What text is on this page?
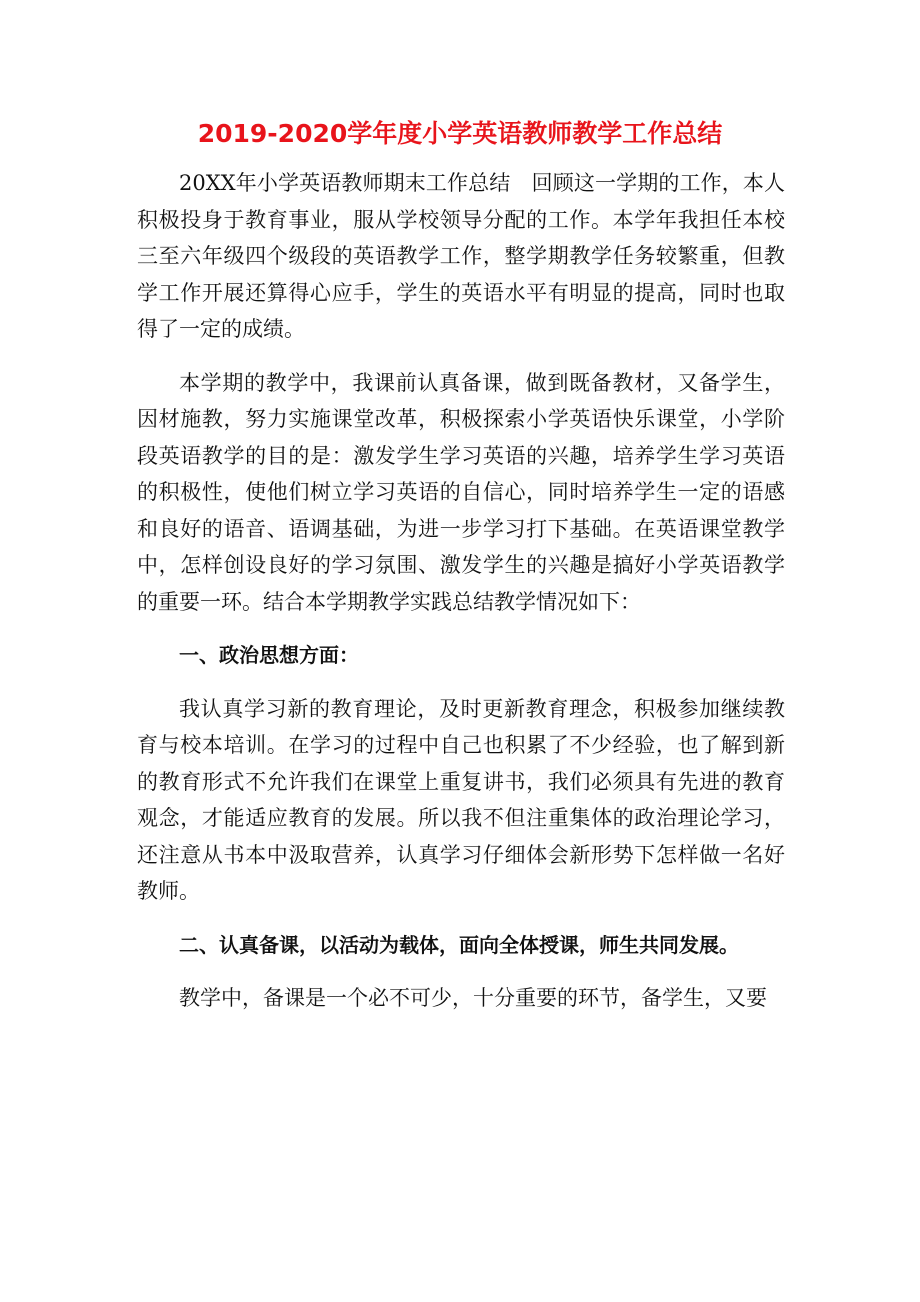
2019-2020学年度小学英语教师教学工作总结

20XX年小学英语教师期末工作总结　回顾这一学期的工作，本人积极投身于教育事业，服从学校领导分配的工作。本学年我担任本校三至六年级四个级段的英语教学工作，整学期教学任务较繁重，但教学工作开展还算得心应手，学生的英语水平有明显的提高，同时也取得了一定的成绩。

本学期的教学中，我课前认真备课，做到既备教材，又备学生，因材施教，努力实施课堂改革，积极探索小学英语快乐课堂，小学阶段英语教学的目的是：激发学生学习英语的兴趣，培养学生学习英语的积极性，使他们树立学习英语的自信心，同时培养学生一定的语感和良好的语音、语调基础，为进一步学习打下基础。在英语课堂教学中，怎样创设良好的学习氛围、激发学生的兴趣是搞好小学英语教学的重要一环。结合本学期教学实践总结教学情况如下：

一、政治思想方面：

我认真学习新的教育理论，及时更新教育理念，积极参加继续教育与校本培训。在学习的过程中自己也积累了不少经验，也了解到新的教育形式不允许我们在课堂上重复讲书，我们必须具有先进的教育观念，才能适应教育的发展。所以我不但注重集体的政治理论学习，还注意从书本中汲取营养，认真学习仔细体会新形势下怎样做一名好教师。

二、认真备课，以活动为载体，面向全体授课，师生共同发展。

教学中，备课是一个必不可少，十分重要的环节，备学生，又要
